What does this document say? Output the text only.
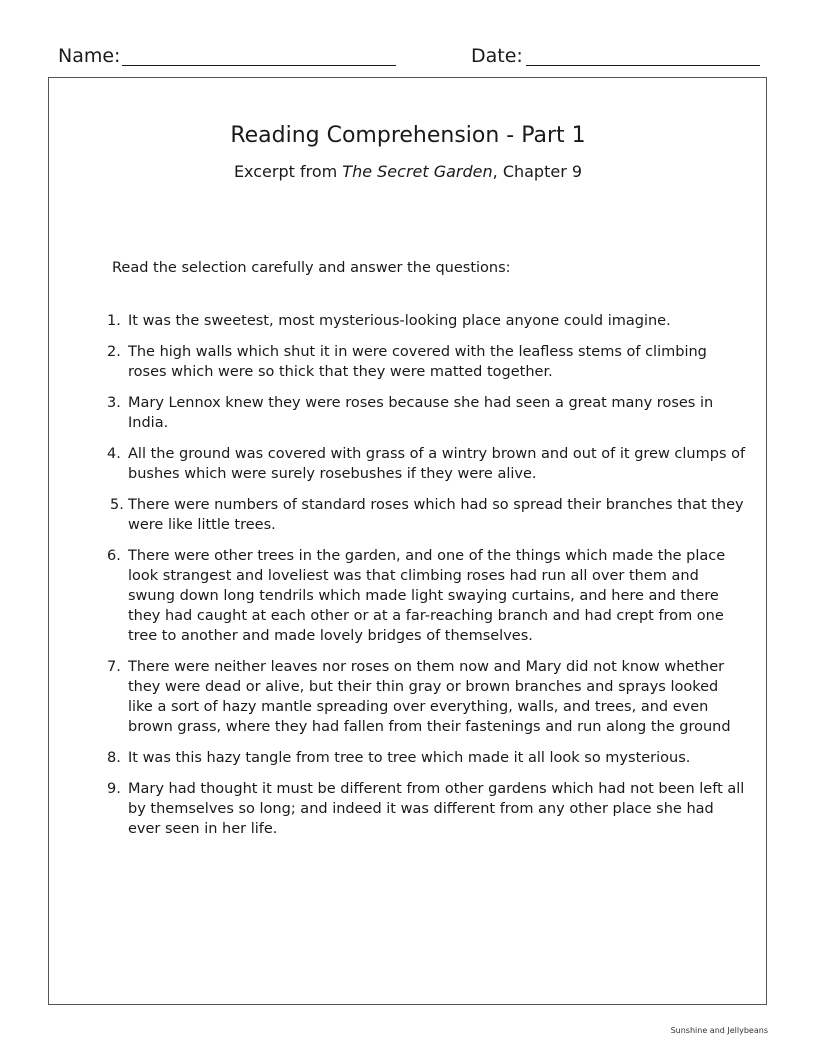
Name:	Date:
Reading Comprehension - Part 1
Excerpt from The Secret Garden, Chapter 9
Read the selection carefully and answer the questions:
1. It was the sweetest, most mysterious-looking place anyone could imagine.
2. The high walls which shut it in were covered with the leafless stems of climbing roses which were so thick that they were matted together.
3. Mary Lennox knew they were roses because she had seen a great many roses in India.
4. All the ground was covered with grass of a wintry brown and out of it grew clumps of bushes which were surely rosebushes if they were alive.
5. There were numbers of standard roses which had so spread their branches that they were like little trees.
6. There were other trees in the garden, and one of the things which made the place look strangest and loveliest was that climbing roses had run all over them and swung down long tendrils which made light swaying curtains, and here and there they had caught at each other or at a far-reaching branch and had crept from one tree to another and made lovely bridges of themselves.
7. There were neither leaves nor roses on them now and Mary did not know whether they were dead or alive, but their thin gray or brown branches and sprays looked like a sort of hazy mantle spreading over everything, walls, and trees, and even brown grass, where they had fallen from their fastenings and run along the ground
8. It was this hazy tangle from tree to tree which made it all look so mysterious.
9. Mary had thought it must be different from other gardens which had not been left all by themselves so long; and indeed it was different from any other place she had ever seen in her life.
Sunshine and Jellybeans
